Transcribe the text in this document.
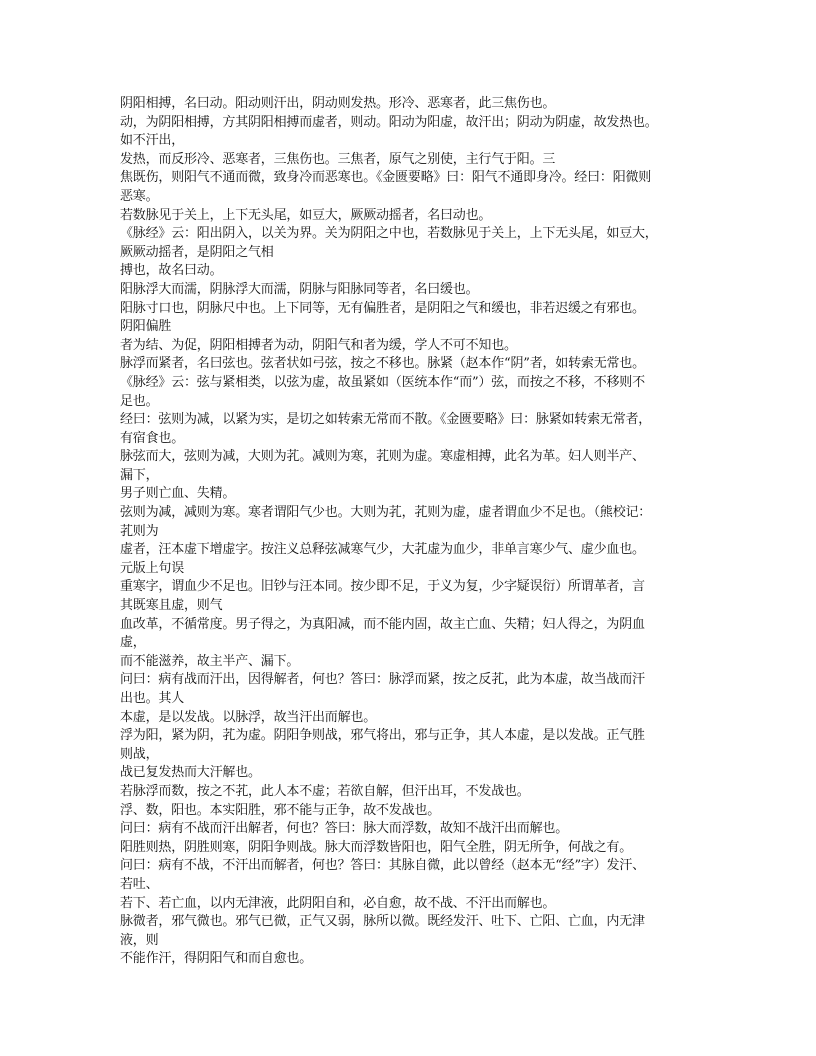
阴阳相搏，名曰动。阳动则汗出，阴动则发热。形冷、恶寒者，此三焦伤也。
动，为阴阳相搏，方其阴阳相搏而虚者，则动。阳动为阳虚，故汗出；阴动为阴虚，故发热也。
如不汗出，
发热，而反形冷、恶寒者，三焦伤也。三焦者，原气之别使，主行气于阳。三
焦既伤，则阳气不通而微，致身冷而恶寒也。《金匮要略》曰：阳气不通即身冷。经曰：阳微则
恶寒。
若数脉见于关上，上下无头尾，如豆大，厥厥动摇者，名曰动也。
《脉经》云：阳出阴入，以关为界。关为阴阳之中也，若数脉见于关上，上下无头尾，如豆大，
厥厥动摇者，是阴阳之气相
搏也，故名曰动。
阳脉浮大而濡，阴脉浮大而濡，阴脉与阳脉同等者，名曰缓也。
阳脉寸口也，阴脉尺中也。上下同等，无有偏胜者，是阴阳之气和缓也，非若迟缓之有邪也。
阴阳偏胜
者为结、为促，阴阳相搏者为动，阴阳气和者为缓，学人不可不知也。
脉浮而紧者，名曰弦也。弦者状如弓弦，按之不移也。脉紧（赵本作“阴”者，如转索无常也。
《脉经》云：弦与紧相类，以弦为虚，故虽紧如（医统本作“而”）弦，而按之不移，不移则不
足也。
经曰：弦则为减，以紧为实，是切之如转索无常而不散。《金匮要略》曰：脉紧如转索无常者，
有宿食也。
脉弦而大，弦则为减，大则为芤。减则为寒，芤则为虚。寒虚相搏，此名为革。妇人则半产、
漏下，
男子则亡血、失精。
弦则为减，减则为寒。寒者谓阳气少也。大则为芤，芤则为虚，虚者谓血少不足也。（熊校记：
芤则为
虚者，汪本虚下增虚字。按注义总释弦减寒气少，大芤虚为血少，非单言寒少气、虚少血也。
元版上句误
重寒字，谓血少不足也。旧钞与汪本同。按少即不足，于义为复，少字疑误衍）所谓革者，言
其既寒且虚，则气
血改革，不循常度。男子得之，为真阳减，而不能内固，故主亡血、失精；妇人得之，为阴血
虚，
而不能滋养，故主半产、漏下。
问曰：病有战而汗出，因得解者，何也？答曰：脉浮而紧，按之反芤，此为本虚，故当战而汗
出也。其人
本虚，是以发战。以脉浮，故当汗出而解也。
浮为阳，紧为阴，芤为虚。阴阳争则战，邪气将出，邪与正争，其人本虚，是以发战。正气胜
则战，
战已复发热而大汗解也。
若脉浮而数，按之不芤，此人本不虚；若欲自解，但汗出耳，不发战也。
浮、数，阳也。本实阳胜，邪不能与正争，故不发战也。
问曰：病有不战而汗出解者，何也？答曰：脉大而浮数，故知不战汗出而解也。
阳胜则热，阴胜则寒，阴阳争则战。脉大而浮数皆阳也，阳气全胜，阴无所争，何战之有。
问曰：病有不战，不汗出而解者，何也？答曰：其脉自微，此以曾经（赵本无“经”字）发汗、
若吐、
若下、若亡血，以内无津液，此阴阳自和，必自愈，故不战、不汗出而解也。
脉微者，邪气微也。邪气已微，正气又弱，脉所以微。既经发汗、吐下、亡阳、亡血，内无津
液，则
不能作汗，得阴阳气和而自愈也。
